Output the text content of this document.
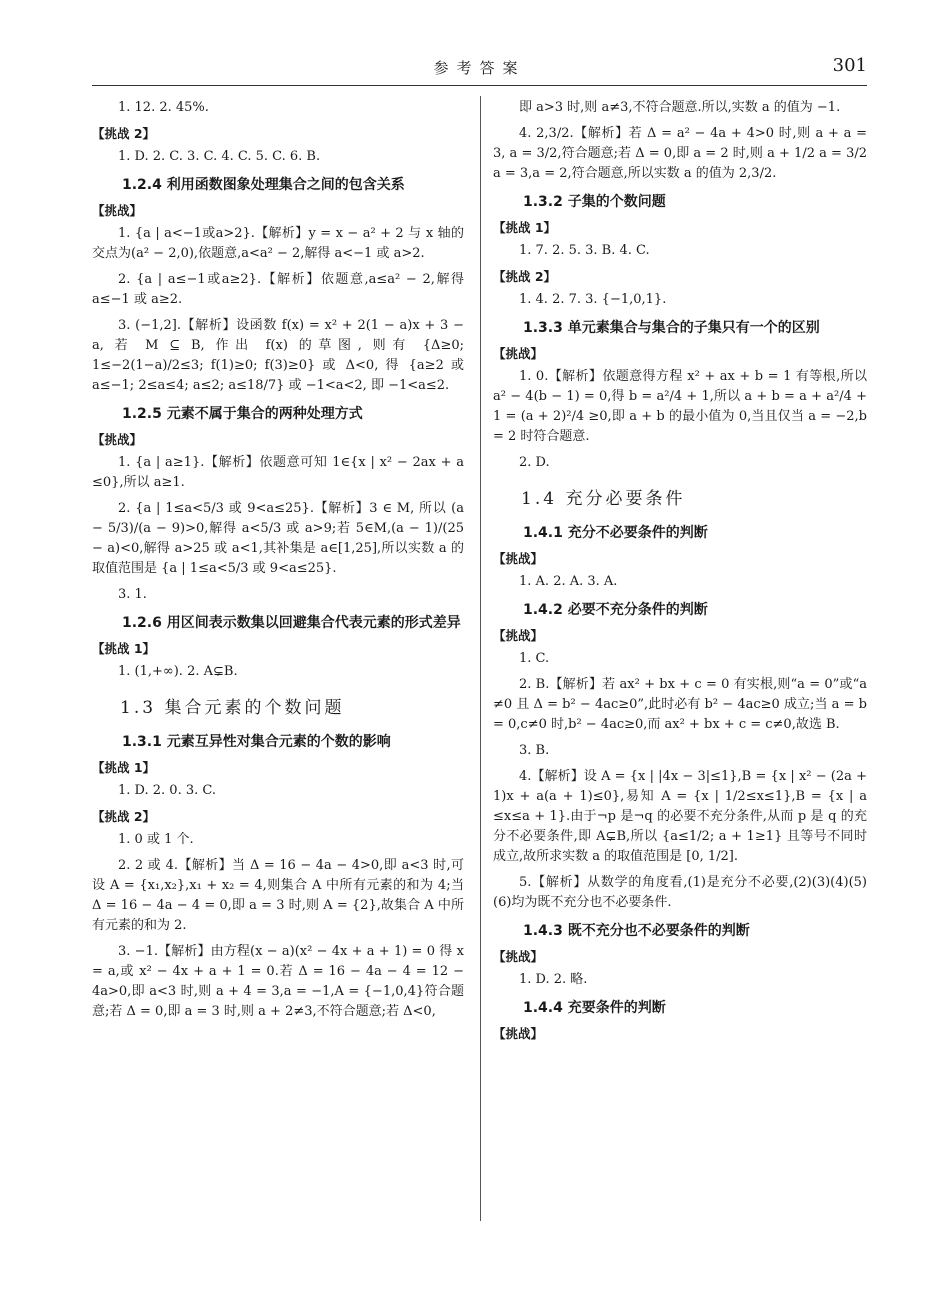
参考答案	301
1. 12. 2. 45%.
【挑战 2】
1. D. 2. C. 3. C. 4. C. 5. C. 6. B.
1.2.4 利用函数图象处理集合之间的包含关系
【挑战】
1. {a | a<−1或a>2}.【解析】y = x − a² + 2 与 x 轴的交点为(a² − 2,0),依题意,a<a² − 2,解得 a<−1 或 a>2.
2. {a | a≤−1或a≥2}.【解析】依题意,a≤a² − 2,解得 a≤−1 或 a≥2.
3. (−1,2].【解析】设函数 f(x) = x² + 2(1 − a)x + 3 − a, 若 M ⊆ B, 作出 f(x) 的草图, 则有 {Δ≥0; 1≤−2(1−a)/2≤3; f(1)≥0; f(3)≥0} 或 Δ<0, 得 {a≥2 或 a≤−1; 2≤a≤4; a≤2; a≤18/7} 或 −1<a<2, 即 −1<a≤2.
1.2.5 元素不属于集合的两种处理方式
【挑战】
1. {a | a≥1}.【解析】依题意可知 1∈{x | x² − 2ax + a ≤0},所以 a≥1.
2. {a | 1≤a<5/3 或 9<a≤25}.【解析】3 ∈ M, 所以 (a − 5/3)/(a − 9)>0,解得 a<5/3 或 a>9;若 5∈M,(a − 1)/(25 − a)<0,解得 a>25 或 a<1,其补集是 a∈[1,25],所以实数 a 的取值范围是 {a | 1≤a<5/3 或 9<a≤25}.
3. 1.
1.2.6 用区间表示数集以回避集合代表元素的形式差异
【挑战 1】
1. (1,+∞). 2. A⊊B.
1.3 集合元素的个数问题
1.3.1 元素互异性对集合元素的个数的影响
【挑战 1】
1. D. 2. 0. 3. C.
【挑战 2】
1. 0 或 1 个.
2. 2 或 4.【解析】当 Δ = 16 − 4a − 4>0,即 a<3 时,可设 A = {x₁,x₂},x₁ + x₂ = 4,则集合 A 中所有元素的和为 4;当 Δ = 16 − 4a − 4 = 0,即 a = 3 时,则 A = {2},故集合 A 中所有元素的和为 2.
3. −1.【解析】由方程(x − a)(x² − 4x + a + 1) = 0 得 x = a,或 x² − 4x + a + 1 = 0.若 Δ = 16 − 4a − 4 = 12 − 4a>0,即 a<3 时,则 a + 4 = 3,a = −1,A = {−1,0,4}符合题意;若 Δ = 0,即 a = 3 时,则 a + 2≠3,不符合题意;若 Δ<0,
即 a>3 时,则 a≠3,不符合题意.所以,实数 a 的值为 −1.
4. 2,3/2.【解析】若 Δ = a² − 4a + 4>0 时,则 a + a = 3, a = 3/2,符合题意;若 Δ = 0,即 a = 2 时,则 a + 1/2 a = 3/2 a = 3,a = 2,符合题意,所以实数 a 的值为 2,3/2.
1.3.2 子集的个数问题
【挑战 1】
1. 7. 2. 5. 3. B. 4. C.
【挑战 2】
1. 4. 2. 7. 3. {−1,0,1}.
1.3.3 单元素集合与集合的子集只有一个的区别
【挑战】
1. 0.【解析】依题意得方程 x² + ax + b = 1 有等根,所以 a² − 4(b − 1) = 0,得 b = a²/4 + 1,所以 a + b = a + a²/4 + 1 = (a + 2)²/4 ≥0,即 a + b 的最小值为 0,当且仅当 a = −2,b = 2 时符合题意.
2. D.
1.4 充分必要条件
1.4.1 充分不必要条件的判断
【挑战】
1. A. 2. A. 3. A.
1.4.2 必要不充分条件的判断
【挑战】
1. C.
2. B.【解析】若 ax² + bx + c = 0 有实根,则“a = 0”或“a ≠0 且 Δ = b² − 4ac≥0”,此时必有 b² − 4ac≥0 成立;当 a = b = 0,c≠0 时,b² − 4ac≥0,而 ax² + bx + c = c≠0,故选 B.
3. B.
4.【解析】设 A = {x | |4x − 3|≤1},B = {x | x² − (2a + 1)x + a(a + 1)≤0},易知 A = {x | 1/2≤x≤1},B = {x | a ≤x≤a + 1}.由于¬p 是¬q 的必要不充分条件,从而 p 是 q 的充分不必要条件,即 A⊊B,所以 {a≤1/2; a + 1≥1} 且等号不同时成立,故所求实数 a 的取值范围是 [0, 1/2].
5.【解析】从数学的角度看,(1)是充分不必要,(2)(3)(4)(5)(6)均为既不充分也不必要条件.
1.4.3 既不充分也不必要条件的判断
【挑战】
1. D. 2. 略.
1.4.4 充要条件的判断
【挑战】
